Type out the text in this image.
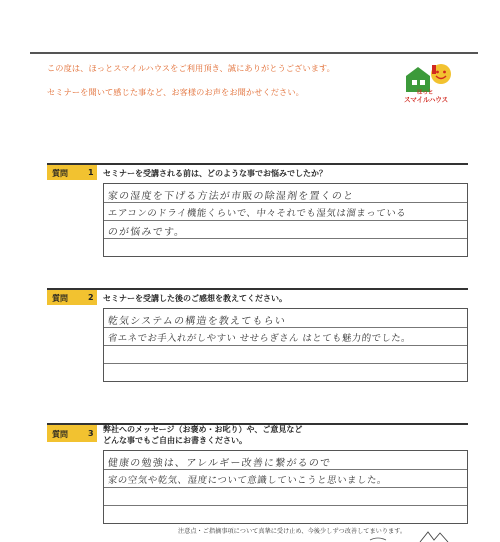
この度は、ほっとスマイルハウスをご利用頂き、誠にありがとうございます。
セミナーを聞いて感じた事など、お客様のお声をお聞かせください。	ほっと
スマイルハウス
質問	1 セミナーを受講される前は、どのような事でお悩みでしたか？
家の湿度を下げる方法が市販の除湿剤を置くのと
エアコンのドライ機能くらいで、中々それでも湿気は溜まっている
のが悩みです。
質問	2 セミナーを受講した後のご感想を教えてください。
乾気システムの構造を教えてもらい
省エネでお手入れがしやすい せせらぎさん はとても魅力的でした。
質問	3 弊社へのメッセージ（お褒め・お叱り）や、ご意見など
どんな事でもご自由にお書きください。
健康の勉強は、アレルギー改善に繋がるので
家の空気や乾気、湿度について意識していこうと思いました。
注意点・ご指摘事項について真摯に受け止め、今後少しずつ改善してまいります。
